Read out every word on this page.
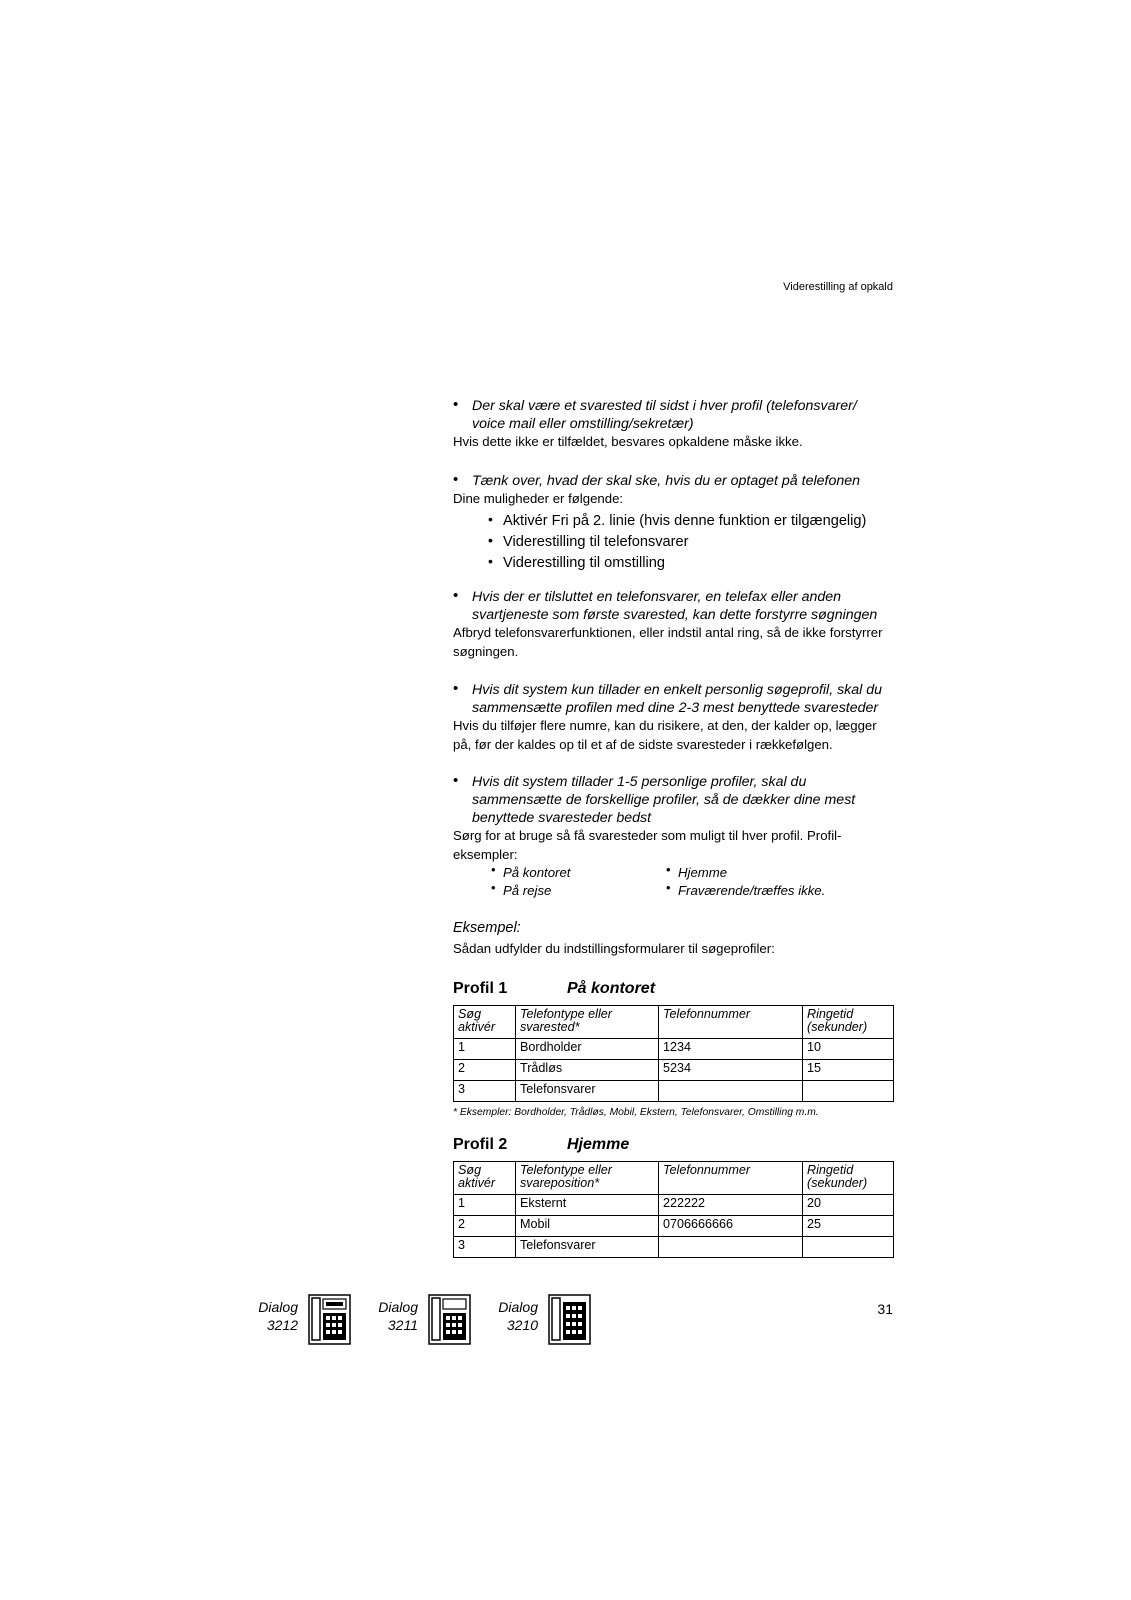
Viderestilling af opkald
• Der skal være et svarested til sidst i hver profil (telefonsvarer/ voice mail eller omstilling/sekretær)
Hvis dette ikke er tilfældet, besvares opkaldene måske ikke.
• Tænk over, hvad der skal ske, hvis du er optaget på telefonen
Dine muligheder er følgende:
• Aktivér Fri på 2. linie (hvis denne funktion er tilgængelig)
• Viderestilling til telefonsvarer
• Viderestilling til omstilling
• Hvis der er tilsluttet en telefonsvarer, en telefax eller anden svartjeneste som første svarested, kan dette forstyrre søgningen
Afbryd telefonsvarerfunktionen, eller indstil antal ring, så de ikke forstyrrer søgningen.
• Hvis dit system kun tillader en enkelt personlig søgeprofil, skal du sammensætte profilen med dine 2-3 mest benyttede svaresteder
Hvis du tilføjer flere numre, kan du risikere, at den, der kalder op, lægger på, før der kaldes op til et af de sidste svaresteder i rækkefølgen.
• Hvis dit system tillader 1-5 personlige profiler, skal du sammensætte de forskellige profiler, så de dækker dine mest benyttede svaresteder bedst
Sørg for at bruge så få svaresteder som muligt til hver profil. Profil-eksempler:
• På kontoret	• Hjemme
• På rejse	• Fraværende/træffes ikke.
Eksempel:
Sådan udfylder du indstillingsformularer til søgeprofiler:
Profil 1	På kontoret
Søg aktivér	Telefontype eller svarested*	Telefonnummer	Ringetid (sekunder)
1	Bordholder	1234	10
2	Trådløs	5234	15
3	Telefonsvarer		
* Eksempler: Bordholder, Trådløs, Mobil, Ekstern, Telefonsvarer, Omstilling m.m.
Profil 2	Hjemme
Søg aktivér	Telefontype eller svareposition*	Telefonnummer	Ringetid (sekunder)
1	Eksternt	222222	20
2	Mobil	0706666666	25
3	Telefonsvarer		
Dialog
3212
Dialog
3211
Dialog
3210
31
